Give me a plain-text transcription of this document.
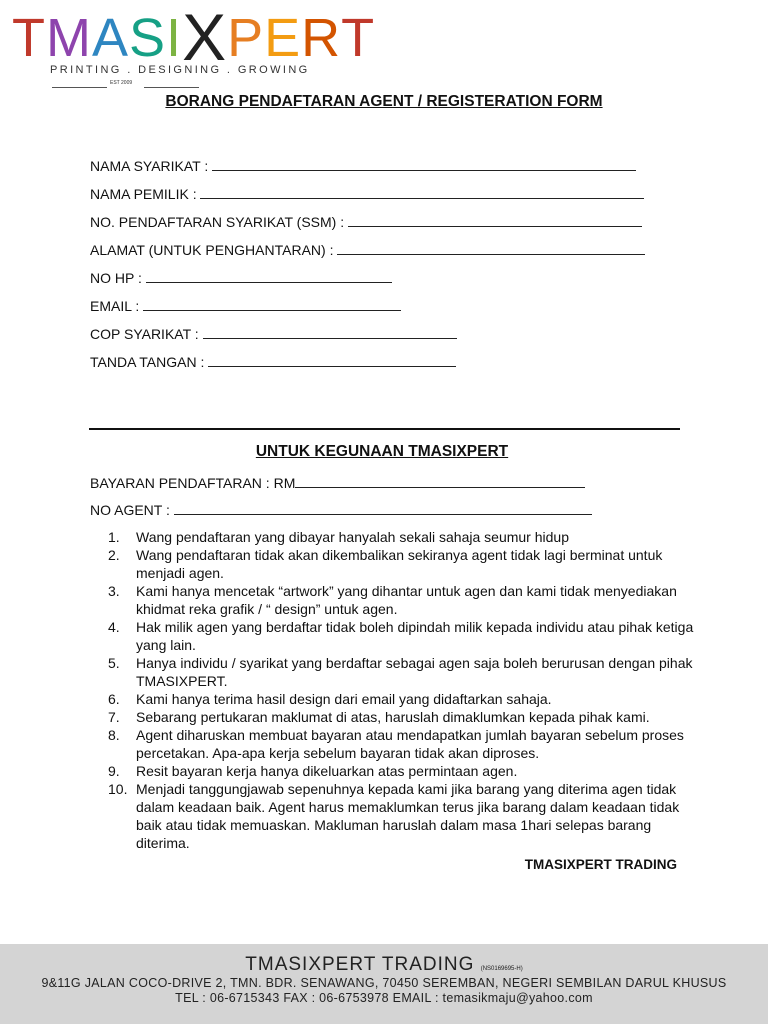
TMASIXPERT
PRINTING . DESIGNING . GROWING
EST 2009
BORANG PENDAFTARAN AGENT / REGISTERATION FORM
NAMA SYARIKAT :
NAMA PEMILIK :
NO. PENDAFTARAN SYARIKAT (SSM) :
ALAMAT (UNTUK PENGHANTARAN) :
NO HP :
EMAIL :
COP SYARIKAT :
TANDA TANGAN :
UNTUK KEGUNAAN TMASIXPERT
BAYARAN PENDAFTARAN : RM
NO AGENT :
1.	Wang pendaftaran yang dibayar hanyalah sekali sahaja seumur hidup
2.	Wang pendaftaran tidak akan dikembalikan sekiranya agent tidak lagi berminat untuk menjadi agen.
3.	Kami hanya mencetak “artwork” yang dihantar untuk agen dan kami tidak menyediakan khidmat reka grafik / “ design” untuk agen.
4.	Hak milik agen yang berdaftar tidak boleh dipindah milik kepada individu atau pihak ketiga yang lain.
5.	Hanya individu / syarikat yang berdaftar sebagai agen saja boleh berurusan dengan pihak TMASIXPERT.
6.	Kami hanya terima hasil design dari email yang didaftarkan sahaja.
7.	Sebarang pertukaran maklumat di atas, haruslah dimaklumkan kepada pihak kami.
8.	Agent diharuskan membuat bayaran atau mendapatkan jumlah bayaran sebelum proses percetakan. Apa-apa kerja sebelum bayaran tidak akan diproses.
9.	Resit bayaran kerja hanya dikeluarkan atas permintaan agen.
10. Menjadi tanggungjawab sepenuhnya kepada kami jika barang yang diterima agen tidak dalam keadaan baik. Agent harus memaklumkan terus jika barang dalam keadaan tidak baik atau tidak memuaskan. Makluman haruslah dalam masa 1hari selepas barang diterima.
TMASIXPERT TRADING
TMASIXPERT TRADING (NS0169695-H)
9&11G JALAN COCO-DRIVE 2, TMN. BDR. SENAWANG, 70450 SEREMBAN, NEGERI SEMBILAN DARUL KHUSUS
TEL : 06-6715343 FAX : 06-6753978 EMAIL : temasikmaju@yahoo.com
